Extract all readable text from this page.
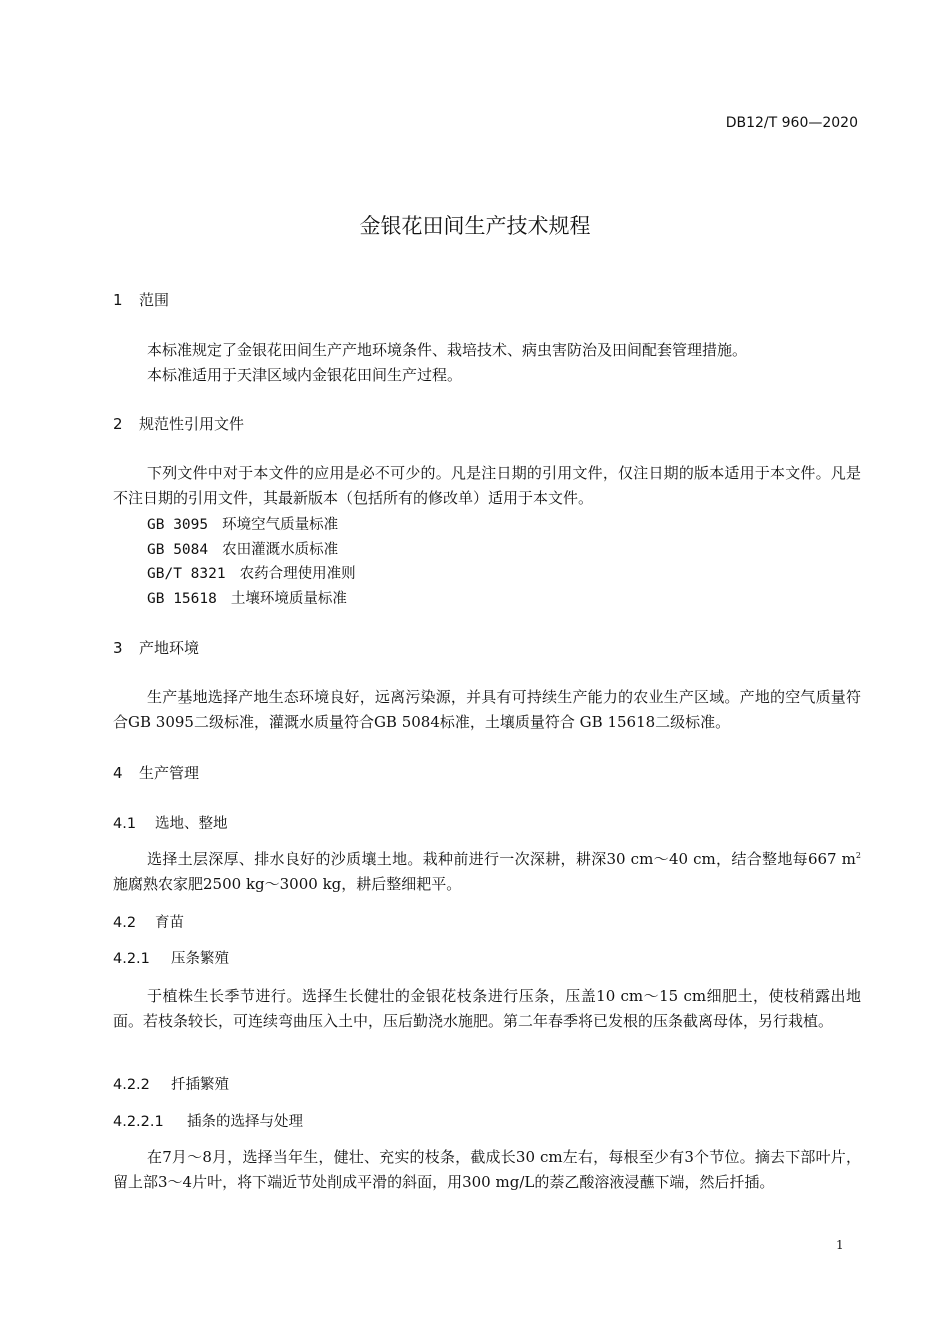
DB12/T 960—2020
金银花田间生产技术规程
1 范围
本标准规定了金银花田间生产产地环境条件、栽培技术、病虫害防治及田间配套管理措施。
本标准适用于天津区域内金银花田间生产过程。
2 规范性引用文件
下列文件中对于本文件的应用是必不可少的。凡是注日期的引用文件，仅注日期的版本适用于本文件。凡是不注日期的引用文件，其最新版本（包括所有的修改单）适用于本文件。
GB 3095 环境空气质量标准
GB 5084 农田灌溉水质标准
GB/T 8321 农药合理使用准则
GB 15618 土壤环境质量标准
3 产地环境
生产基地选择产地生态环境良好，远离污染源，并具有可持续生产能力的农业生产区域。产地的空气质量符合GB 3095二级标准，灌溉水质量符合GB 5084标准，土壤质量符合 GB 15618二级标准。
4 生产管理
4.1 选地、整地
选择土层深厚、排水良好的沙质壤土地。栽种前进行一次深耕，耕深30 cm～40 cm，结合整地每667 $m^2$施腐熟农家肥2500 kg～3000 kg，耕后整细耙平。
4.2 育苗
4.2.1 压条繁殖
于植株生长季节进行。选择生长健壮的金银花枝条进行压条，压盖10 cm～15 cm细肥土，使枝稍露出地面。若枝条较长，可连续弯曲压入土中，压后勤浇水施肥。第二年春季将已发根的压条截离母体，另行栽植。
4.2.2 扦插繁殖
4.2.2.1 插条的选择与处理
在7月～8月，选择当年生，健壮、充实的枝条，截成长30 cm左右，每根至少有3个节位。摘去下部叶片，留上部3～4片叶，将下端近节处削成平滑的斜面，用300 mg/L的萘乙酸溶液浸蘸下端，然后扦插。
1
